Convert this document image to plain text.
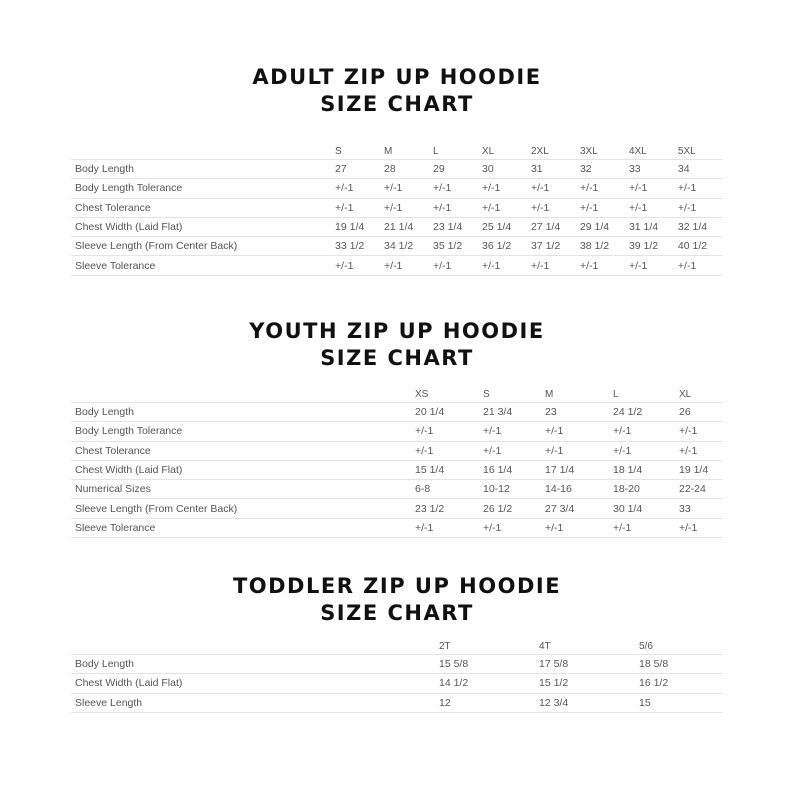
ADULT ZIP UP HOODIE
SIZE CHART
	S	M	L	XL	2XL	3XL	4XL	5XL
Body Length	27	28	29	30	31	32	33	34
Body Length Tolerance	+/-1	+/-1	+/-1	+/-1	+/-1	+/-1	+/-1	+/-1
Chest Tolerance	+/-1	+/-1	+/-1	+/-1	+/-1	+/-1	+/-1	+/-1
Chest Width (Laid Flat)	19 1/4	21 1/4	23 1/4	25 1/4	27 1/4	29 1/4	31 1/4	32 1/4
Sleeve Length (From Center Back)	33 1/2	34 1/2	35 1/2	36 1/2	37 1/2	38 1/2	39 1/2	40 1/2
Sleeve Tolerance	+/-1	+/-1	+/-1	+/-1	+/-1	+/-1	+/-1	+/-1
YOUTH ZIP UP HOODIE
SIZE CHART
	XS	S	M	L	XL
Body Length	20 1/4	21 3/4	23	24 1/2	26
Body Length Tolerance	+/-1	+/-1	+/-1	+/-1	+/-1
Chest Tolerance	+/-1	+/-1	+/-1	+/-1	+/-1
Chest Width (Laid Flat)	15 1/4	16 1/4	17 1/4	18 1/4	19 1/4
Numerical Sizes	6-8	10-12	14-16	18-20	22-24
Sleeve Length (From Center Back)	23 1/2	26 1/2	27 3/4	30 1/4	33
Sleeve Tolerance	+/-1	+/-1	+/-1	+/-1	+/-1
TODDLER ZIP UP HOODIE
SIZE CHART
	2T	4T	5/6
Body Length	15 5/8	17 5/8	18 5/8
Chest Width (Laid Flat)	14 1/2	15 1/2	16 1/2
Sleeve Length	12	12 3/4	15
